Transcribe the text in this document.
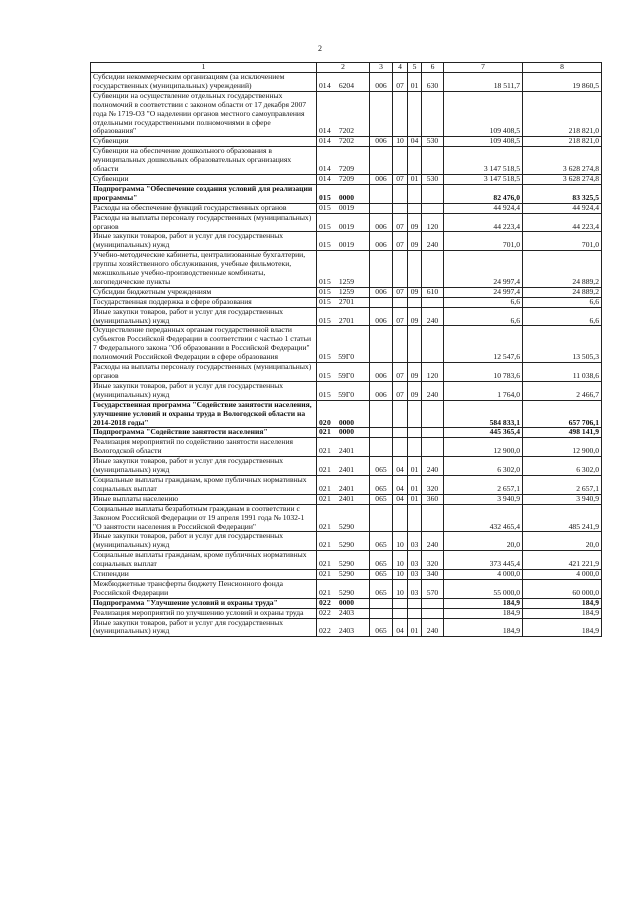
2
1	2	3	4	5	6	7	8
Субсидии некоммерческим организациям (за исключением государственных (муниципальных) учреждений)	014 6204	006	07	01	630	18 511,7	19 860,5
Субвенции на осуществление отдельных государственных полномочий в соответствии с законом области от 17 декабря 2007 года № 1719-ОЗ "О наделении органов местного самоуправления отдельными государственными полномочиями в сфере образования"	014 7202					109 408,5	218 821,0
Субвенции	014 7202	006	10	04	530	109 408,5	218 821,0
Субвенции на обеспечение дошкольного образования в муниципальных дошкольных образовательных организациях области	014 7209					3 147 518,5	3 628 274,8
Субвенции	014 7209	006	07	01	530	3 147 518,5	3 628 274,8
Подпрограмма "Обеспечение создания условий для реализации программы"	015 0000					82 476,0	83 325,5
Расходы на обеспечение функций государственных органов	015 0019					44 924,4	44 924,4
Расходы на выплаты персоналу государственных (муниципальных) органов	015 0019	006	07	09	120	44 223,4	44 223,4
Иные закупки товаров, работ и услуг для государственных (муниципальных) нужд	015 0019	006	07	09	240	701,0	701,0
Учебно-методические кабинеты, централизованные бухгалтерии, группы хозяйственного обслуживания, учебные фильмотеки, межшкольные учебно-производственные комбинаты, логопедические пункты	015 1259					24 997,4	24 889,2
Субсидии бюджетным учреждениям	015 1259	006	07	09	610	24 997,4	24 889,2
Государственная поддержка в сфере образования	015 2701					6,6	6,6
Иные закупки товаров, работ и услуг для государственных (муниципальных) нужд	015 2701	006	07	09	240	6,6	6,6
Осуществление переданных органам государственной власти субъектов Российской Федерации в соответствии с частью 1 статьи 7 Федерального закона "Об образовании в Российской Федерации" полномочий Российской Федерации в сфере образования	015 59Г0					12 547,6	13 505,3
Расходы на выплаты персоналу государственных (муниципальных) органов	015 59Г0	006	07	09	120	10 783,6	11 038,6
Иные закупки товаров, работ и услуг для государственных (муниципальных) нужд	015 59Г0	006	07	09	240	1 764,0	2 466,7
Государственная программа "Содействие занятости населения, улучшение условий и охраны труда в Вологодской области на 2014-2018 годы"	020 0000					584 833,1	657 706,1
Подпрограмма "Содействие занятости населения"	021 0000					445 365,4	498 141,9
Реализация мероприятий по содействию занятости населения Вологодской области	021 2401					12 900,0	12 900,0
Иные закупки товаров, работ и услуг для государственных (муниципальных) нужд	021 2401	065	04	01	240	6 302,0	6 302,0
Социальные выплаты гражданам, кроме публичных нормативных социальных выплат	021 2401	065	04	01	320	2 657,1	2 657,1
Иные выплаты населению	021 2401	065	04	01	360	3 940,9	3 940,9
Социальные выплаты безработным гражданам в соответствии с Законом Российской Федерации от 19 апреля 1991 года № 1032-1 "О занятости населения в Российской Федерации"	021 5290					432 465,4	485 241,9
Иные закупки товаров, работ и услуг для государственных (муниципальных) нужд	021 5290	065	10	03	240	20,0	20,0
Социальные выплаты гражданам, кроме публичных нормативных социальных выплат	021 5290	065	10	03	320	373 445,4	421 221,9
Стипендии	021 5290	065	10	03	340	4 000,0	4 000,0
Межбюджетные трансферты бюджету Пенсионного фонда Российской Федерации	021 5290	065	10	03	570	55 000,0	60 000,0
Подпрограмма "Улучшение условий и охраны труда"	022 0000					184,9	184,9
Реализация мероприятий по улучшению условий и охраны труда	022 2403					184,9	184,9
Иные закупки товаров, работ и услуг для государственных (муниципальных) нужд	022 2403	065	04	01	240	184,9	184,9
